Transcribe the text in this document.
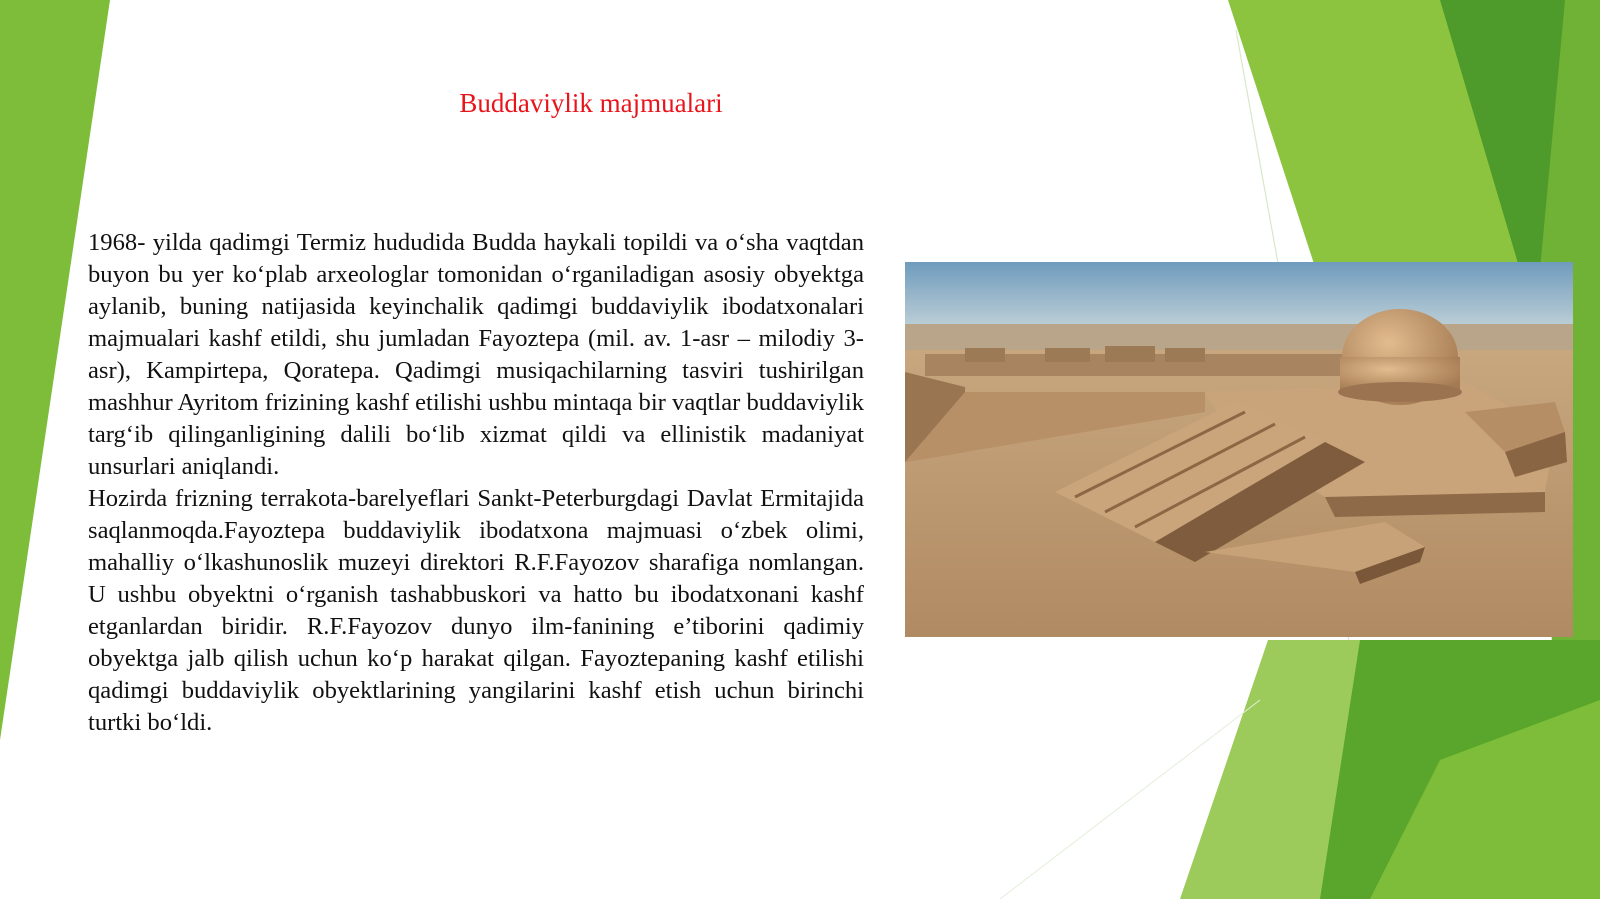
Buddaviylik majmualari

1968- yilda qadimgi Termiz hududida Budda haykali topildi va o‘sha vaqtdan buyon bu yer ko‘plab arxeologlar tomonidan o‘rganiladigan asosiy obyektga aylanib, buning natijasida keyinchalik qadimgi buddaviylik ibodatxonalari majmualari kashf etildi, shu jumladan Fayoztepa (mil. av. 1-asr – milodiy 3-asr), Kampirtepa, Qoratepa. Qadimgi musiqachilarning tasviri tushirilgan mashhur Ayritom frizining kashf etilishi ushbu mintaqa bir vaqtlar buddaviylik targ‘ib qilinganligining dalili bo‘lib xizmat qildi va ellinistik madaniyat unsurlari aniqlandi.

Hozirda frizning terrakota-barelyeflari Sankt-Peterburgdagi Davlat Ermitajida saqlanmoqda.Fayoztepa buddaviylik ibodatxona majmuasi o‘zbek olimi, mahalliy o‘lkashunoslik muzeyi direktori R.F.Fayozov sharafiga nomlangan. U ushbu obyektni o‘rganish tashabbuskori va hatto bu ibodatxonani kashf etganlardan biridir. R.F.Fayozov dunyo ilm-fanining e’tiborini qadimiy obyektga jalb qilish uchun ko‘p harakat qilgan. Fayoztepaning kashf etilishi qadimgi buddaviylik obyektlarining yangilarini kashf etish uchun birinchi turtki bo‘ldi.
